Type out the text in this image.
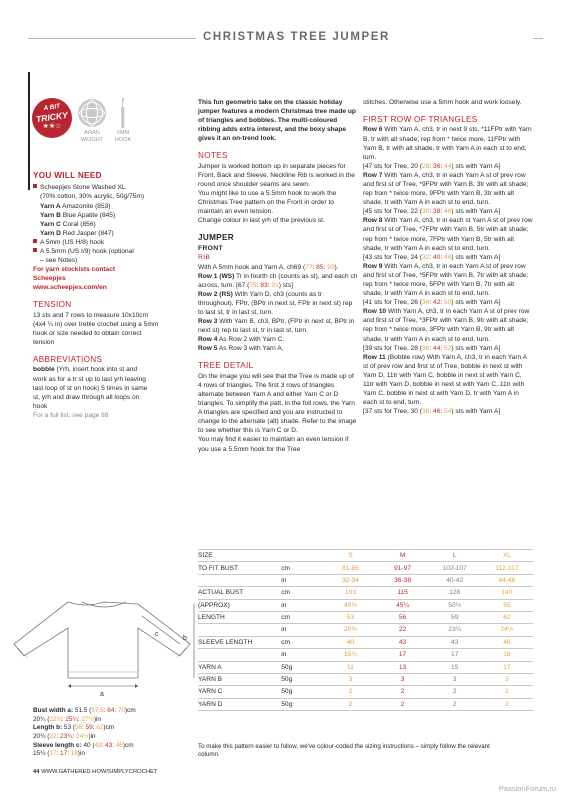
CHRISTMAS TREE JUMPER
A BIT
TRICKY
★★☆
ARAN
WEIGHT
5MM
HOOK
YOU WILL NEED
Scheepjes Stone Washed XL
(70% cotton, 30% acrylic, 50g/75m)
Yarn A Amazonite (853)
Yarn B Blue Apatite (845)
Yarn C Coral (856)
Yarn D Red Jasper (847)
A 5mm (US H/8) hook
A 5.5mm (US I/9) hook (optional
– see Notes)
For yarn stockists contact
Scheepjes
www.scheepjes.com/en
TENSION

13 sts and 7 rows to measure 10x10cm (4x4 ¼ in) over treble crochet using a 5mm hook or size needed to obtain correct tension

ABBREVIATIONS

bobble (Yrh, insert hook into st and work as for a tr st up to last yrh leaving last loop of st on hook) 5 times in same st, yrh and draw through all loops on hook

For a full list, see page 88

This fun geometric take on the classic holiday jumper features a modern Christmas tree made up of triangles and bobbles. The multi-coloured ribbing adds extra interest, and the boxy shape gives it an on-trend look.

NOTES

Jumper is worked bottom up in separate pieces for Front, Back and Sleeve. Neckline Rib is worked in the round once shoulder seams are sewn.

You might like to use a 5.5mm hook to work the Christmas Tree pattern on the Front in order to maintain an even tension.

Change colour in last yrh of the previous st.

JUMPER
FRONT
RIB

With A 5mm hook and Yarn A, ch69 (77: 85: 93).

Row 1 (WS) Tr in fourth ch (counts as st), and each ch across, turn. [67 (75: 83: 91) sts]

Row 2 (RS) With Yarn D, ch3 (counts as tr throughout), FPtr, (BPtr in next st, FPtr in next st) rep to last st, tr in last st, turn.

Row 3 With Yarn B, ch3, BPtr, (FPtr in next st, BPtr in next st) rep to last st, tr in last st, turn.

Row 4 As Row 2 with Yarn C.

Row 5 As Row 3 with Yarn A.

TREE DETAIL

On the image you will see that the Tree is made up of 4 rows of triangles. The first 3 rows of triangles alternate between Yarn A and either Yarn C or D triangles. To simplify the patt, in the foll rows, the Yarn A triangles are specified and you are instructed to change to the alternate (alt) shade. Refer to the image to see whether this is Yarn C or D.

You may find it easier to maintain an even tension if you use a 5.5mm hook for the Tree

stitches. Otherwise use a 5mm hook and work loosely.

FIRST ROW OF TRIANGLES

Row 6 With Yarn A, ch3, tr in next 9 sts, *11FPtr with Yarn B, tr with alt shade; rep from * twice more, 11FPtr with Yarn B, tr with alt shade, tr with Yarn A in each st to end, turn.

[47 sts for Tree, 20 (28: 36: 44) sts with Yarn A]

Row 7 With Yarn A, ch3, tr in each Yarn A st of prev row and first st of Tree, *9FPtr with Yarn B, 3tr with alt shade; rep from * twice more, 9FPtr with Yarn B, 3tr with alt shade, tr with Yarn A in each st to end, turn.

[45 sts for Tree, 22 (30: 38: 46) sts with Yarn A]

Row 8 With Yarn A, ch3, tr in each st Yarn A st of prev row and first st of Tree, *7FPtr with Yarn B, 5tr with alt shade; rep from * twice more, 7FPtr with Yarn B, 5tr with alt shade, tr with Yarn A in each st to end, turn.

[43 sts for Tree, 24 (32: 40: 48) sts with Yarn A]

Row 9 With Yarn A, ch3, tr in each Yarn A st of prev row and first st of Tree, *5FPtr with Yarn B, 7tr with alt shade; rep from * twice more, 5FPtr with Yarn B, 7tr with alt shade, tr with Yarn A in each st to end, turn.

[41 sts for Tree, 26 (34: 42: 50) sts with Yarn A]

Row 10 With Yarn A, ch3, tr in each Yarn A st of prev row and first st of Tree, *3FPtr with Yarn B, 9tr with alt shade; rep from * twice more, 3FPtr with Yarn B, 9tr with alt shade, tr with Yarn A in each st to end, turn.

[39 sts for Tree, 28 (36: 44: 52) sts with Yarn A]

Row 11 (Bobble row) With Yarn A, ch3, tr in each Yarn A st of prev row and first st of Tree, bobble in next st with Yarn D, 11tr with Yarn C, bobble in next st with Yarn C, 11tr with Yarn D, bobble in next st with Yarn C, 11tr with Yarn C, bobble in next st with Yarn D, tr with Yarn A in each st to end, turn.

[37 sts for Tree, 30 (38: 46: 54) sts with Yarn A]

a
b
c
Bust width a: 51.5 (57.5: 64: 70)cm
20¼ (22¾: 25¼: 27½)in
Length b: 53 (56: 59: 62)cm
20¾ (22: 23¼: 24½)in
Sleeve length c: 40 (43: 43: 46)cm
15¾ (17: 17: 18)in
SIZE		S	M	L	XL
TO FIT BUST	cm	81-86	91-97	102-107	112-117
	in	32-34	36-38	40-42	44-46
ACTUAL BUST	cm	103	115	128	140
(APPROX)	in	40½	45¼	50½	55
LENGTH	cm	53	56	59	62
	in	20¾	22	23¼	24½
SLEEVE LENGTH	cm	40	43	43	46
	in	15¾	17	17	18
YARN A	50g	11	13	15	17
YARN B	50g	3	3	3	3
YARN C	50g	2	2	2	2
YARN D	50g	2	2	2	2

To make this pattern easier to follow, we've colour-coded the sizing instructions – simply follow the relevant column.

44 WWW.GATHERED.HOW/SIMPLYCROCHET
PassionForum.ru
